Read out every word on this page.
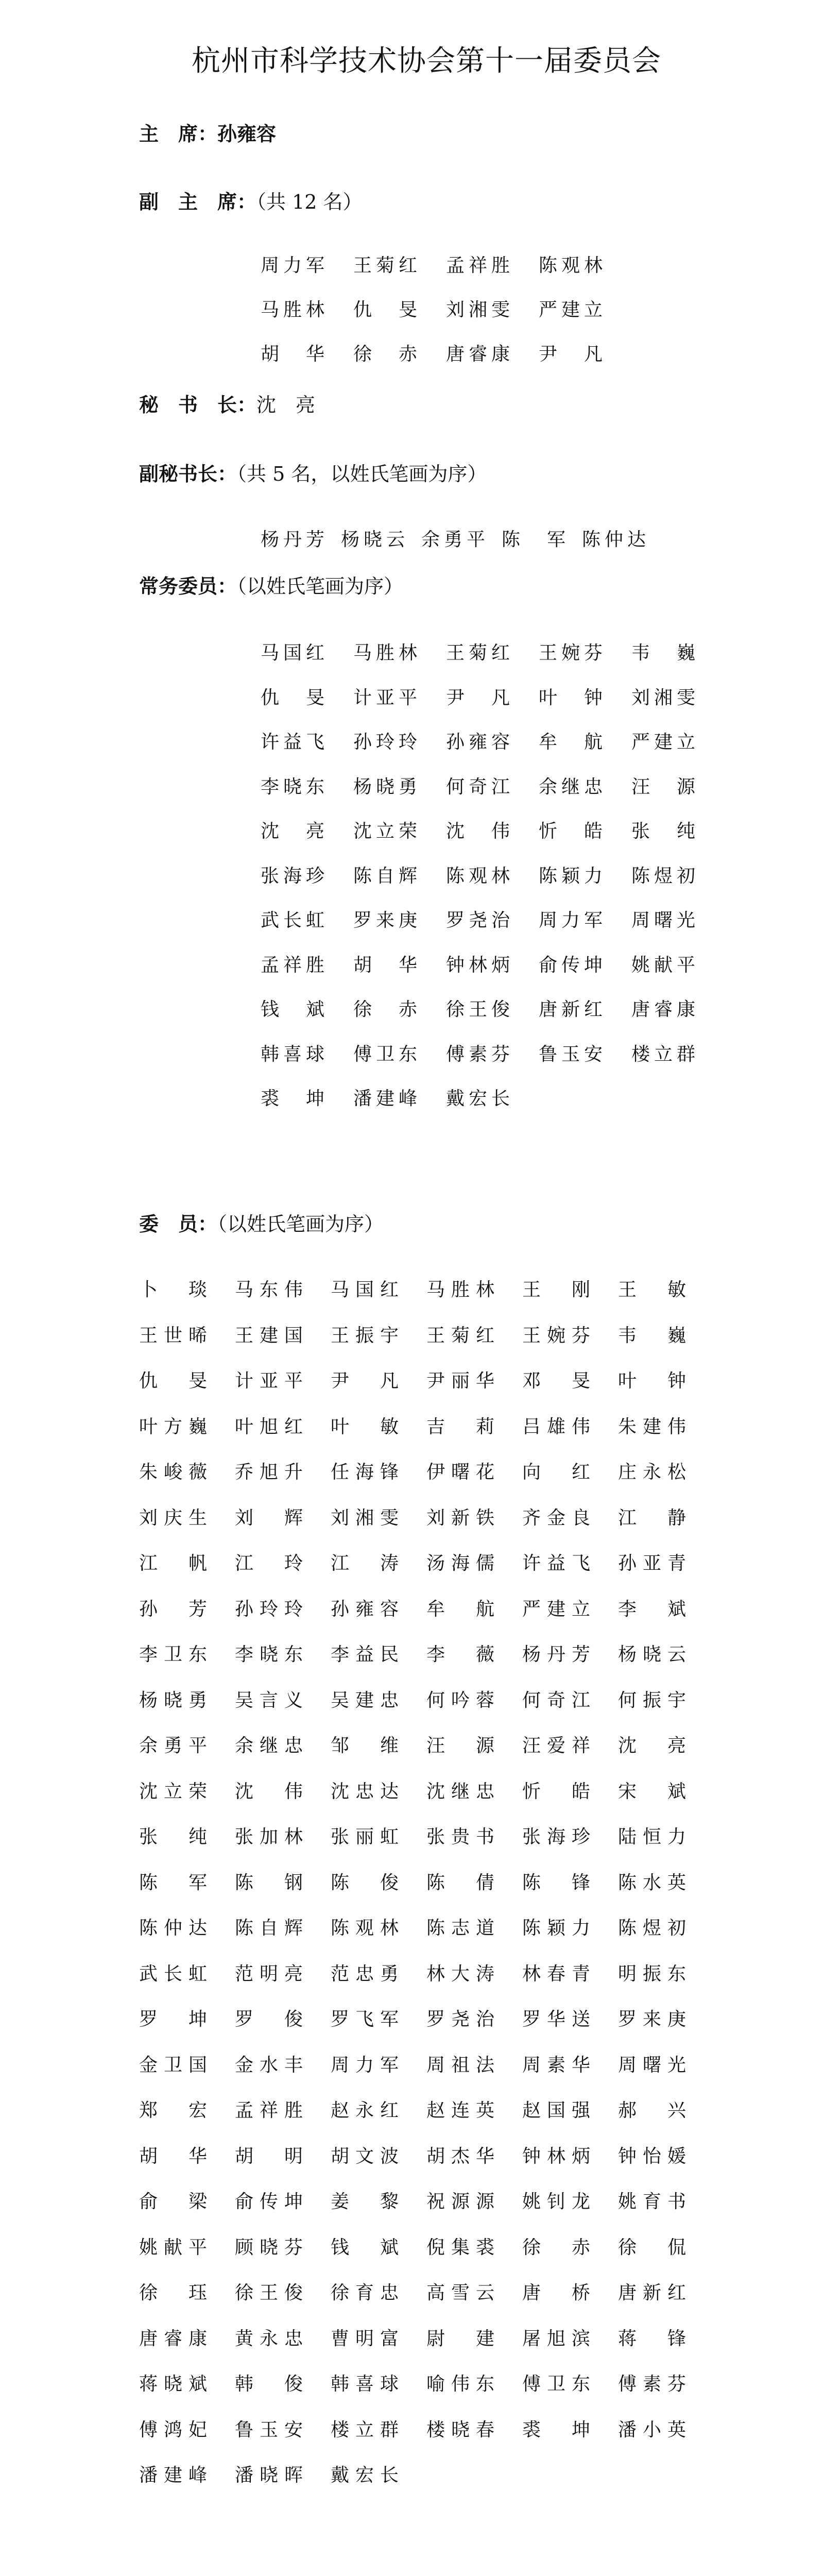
杭州市科学技术协会第十一届委员会
主　席：孙雍容
副　主　席：（共 12 名）
周力军 王菊红 孟祥胜 陈观林
马胜林 仇　旻 刘湘雯 严建立
胡　华 徐　赤 唐睿康 尹　凡
秘　书　长：沈　亮
副秘书长：（共 5 名，以姓氏笔画为序）
杨丹芳 杨晓云 余勇平 陈　军 陈仲达
常务委员：（以姓氏笔画为序）
马国红 马胜林 王菊红 王婉芬 韦　巍
仇　旻 计亚平 尹　凡 叶　钟 刘湘雯
许益飞 孙玲玲 孙雍容 牟　航 严建立
李晓东 杨晓勇 何奇江 余继忠 汪　源
沈　亮 沈立荣 沈　伟 忻　皓 张　纯
张海珍 陈自辉 陈观林 陈颖力 陈煜初
武长虹 罗来庚 罗尧治 周力军 周曙光
孟祥胜 胡　华 钟林炳 俞传坤 姚献平
钱　斌 徐　赤 徐王俊 唐新红 唐睿康
韩喜球 傅卫东 傅素芬 鲁玉安 楼立群
裘　坤 潘建峰 戴宏长
委　员：（以姓氏笔画为序）
卜　琰 马东伟 马国红 马胜林 王　刚 王　敏
王世晞 王建国 王振宇 王菊红 王婉芬 韦　巍
仇　旻 计亚平 尹　凡 尹丽华 邓　旻 叶　钟
叶方巍 叶旭红 叶　敏 吉　莉 吕雄伟 朱建伟
朱峻薇 乔旭升 任海锋 伊曙花 向　红 庄永松
刘庆生 刘　辉 刘湘雯 刘新铁 齐金良 江　静
江　帆 江　玲 江　涛 汤海儒 许益飞 孙亚青
孙　芳 孙玲玲 孙雍容 牟　航 严建立 李　斌
李卫东 李晓东 李益民 李　薇 杨丹芳 杨晓云
杨晓勇 吴言义 吴建忠 何吟蓉 何奇江 何振宇
余勇平 余继忠 邹　维 汪　源 汪爱祥 沈　亮
沈立荣 沈　伟 沈忠达 沈继忠 忻　皓 宋　斌
张　纯 张加林 张丽虹 张贵书 张海珍 陆恒力
陈　军 陈　钢 陈　俊 陈　倩 陈　锋 陈水英
陈仲达 陈自辉 陈观林 陈志道 陈颖力 陈煜初
武长虹 范明亮 范忠勇 林大涛 林春青 明振东
罗　坤 罗　俊 罗飞军 罗尧治 罗华送 罗来庚
金卫国 金水丰 周力军 周祖法 周素华 周曙光
郑　宏 孟祥胜 赵永红 赵连英 赵国强 郝　兴
胡　华 胡　明 胡文波 胡杰华 钟林炳 钟怡媛
俞　梁 俞传坤 姜　黎 祝源源 姚钊龙 姚育书
姚献平 顾晓芬 钱　斌 倪集裘 徐　赤 徐　侃
徐　珏 徐王俊 徐育忠 高雪云 唐　桥 唐新红
唐睿康 黄永忠 曹明富 尉　建 屠旭滨 蒋　锋
蒋晓斌 韩　俊 韩喜球 喻伟东 傅卫东 傅素芬
傅鸿妃 鲁玉安 楼立群 楼晓春 裘　坤 潘小英
潘建峰 潘晓晖 戴宏长
